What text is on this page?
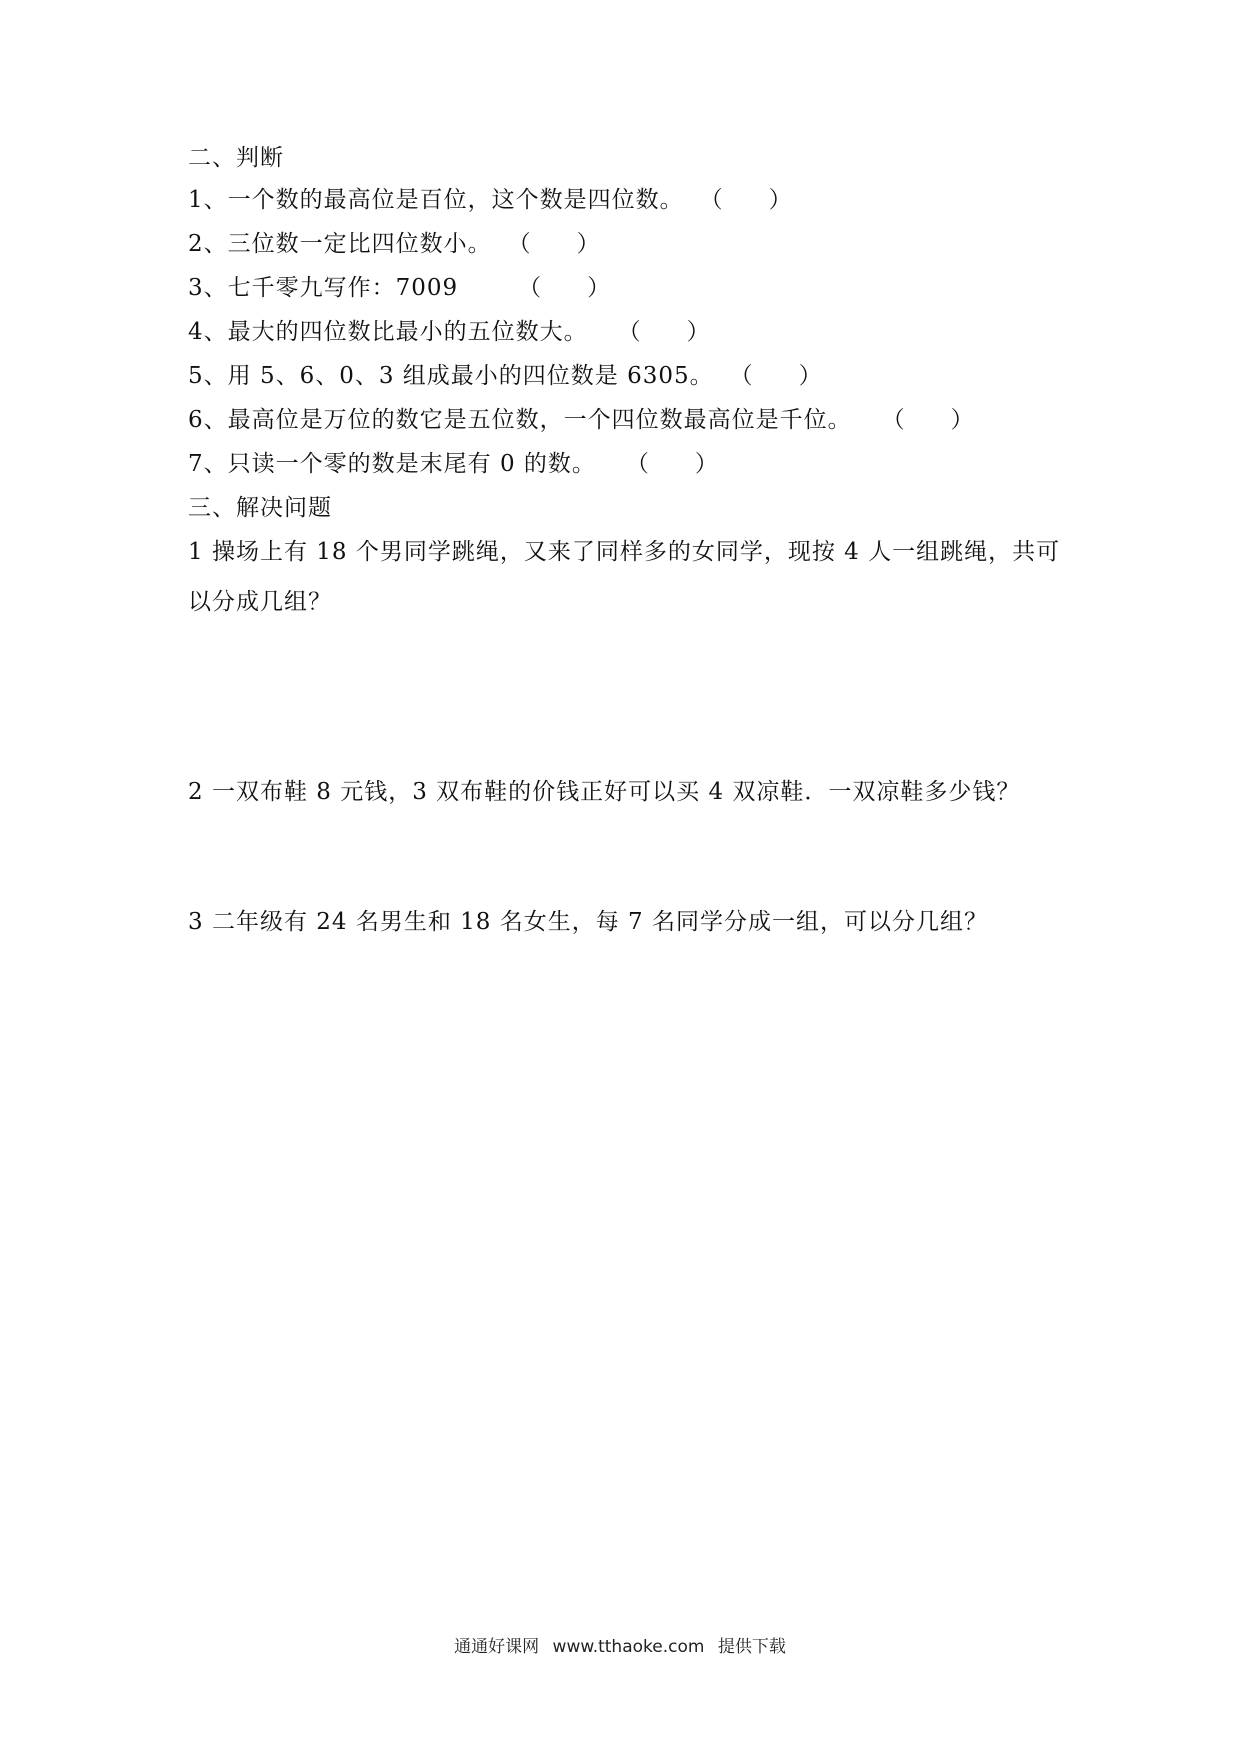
二、判断
1、一个数的最高位是百位，这个数是四位数。 （　　）
2、三位数一定比四位数小。 （　　）
3、七千零九写作：7009	（　　）
4、最大的四位数比最小的五位数大。 （　　）
5、用 5、6、0、3 组成最小的四位数是 6305。 （　　）
6、最高位是万位的数它是五位数，一个四位数最高位是千位。 （　　）
7、只读一个零的数是末尾有 0 的数。 （　　）
三、解决问题
1 操场上有 18 个男同学跳绳，又来了同样多的女同学，现按 4 人一组跳绳，共可以分成几组？
2 一双布鞋 8 元钱，3 双布鞋的价钱正好可以买 4 双凉鞋．一双凉鞋多少钱？
3 二年级有 24 名男生和 18 名女生，每 7 名同学分成一组，可以分几组？
通通好课网 www.tthaoke.com 提供下载
